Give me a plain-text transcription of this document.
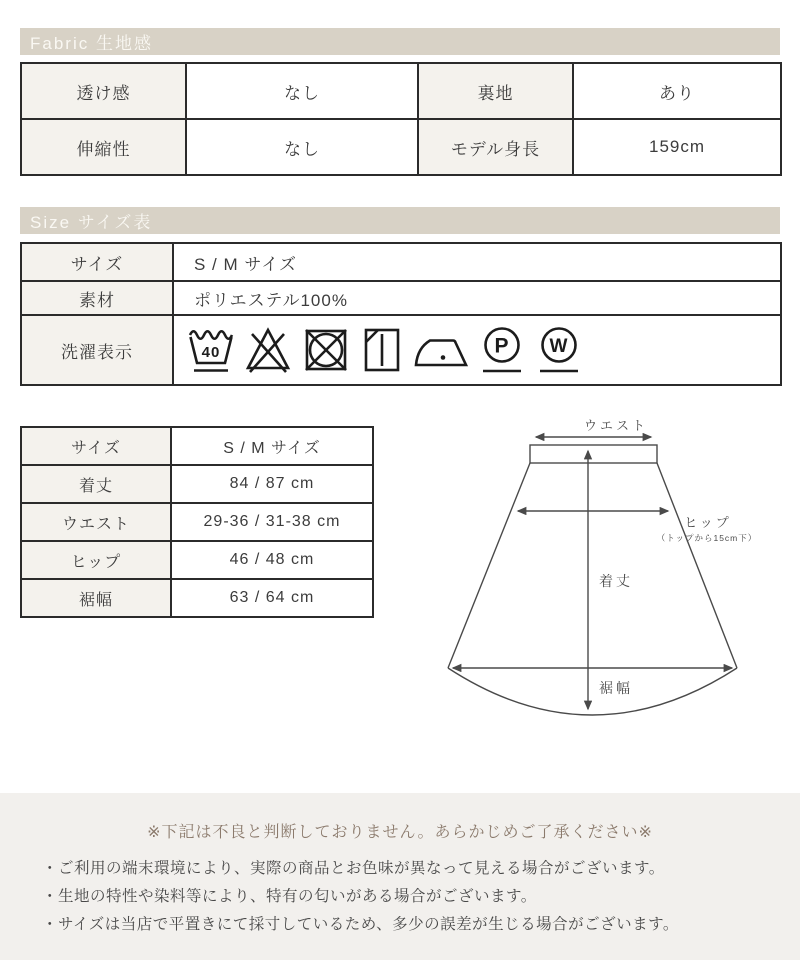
Fabric 生地感
透け感	なし	裏地	あり
伸縮性	なし	モデル身長	159cm
Size サイズ表
サイズ	S / M サイズ
素材	ポリエステル100%
洗濯表示	40 P W
サイズ	S / M サイズ
着丈	84 / 87 cm
ウエスト	29-36 / 31-38 cm
ヒップ	46 / 48 cm
裾幅	63 / 64 cm
ウエスト
ヒップ
（トップから15cm下）
着丈
裾幅
※下記は不良と判断しておりません。あらかじめご了承ください※
・ご利用の端末環境により、実際の商品とお色味が異なって見える場合がございます。
・生地の特性や染料等により、特有の匂いがある場合がございます。
・サイズは当店で平置きにて採寸しているため、多少の誤差が生じる場合がございます。
